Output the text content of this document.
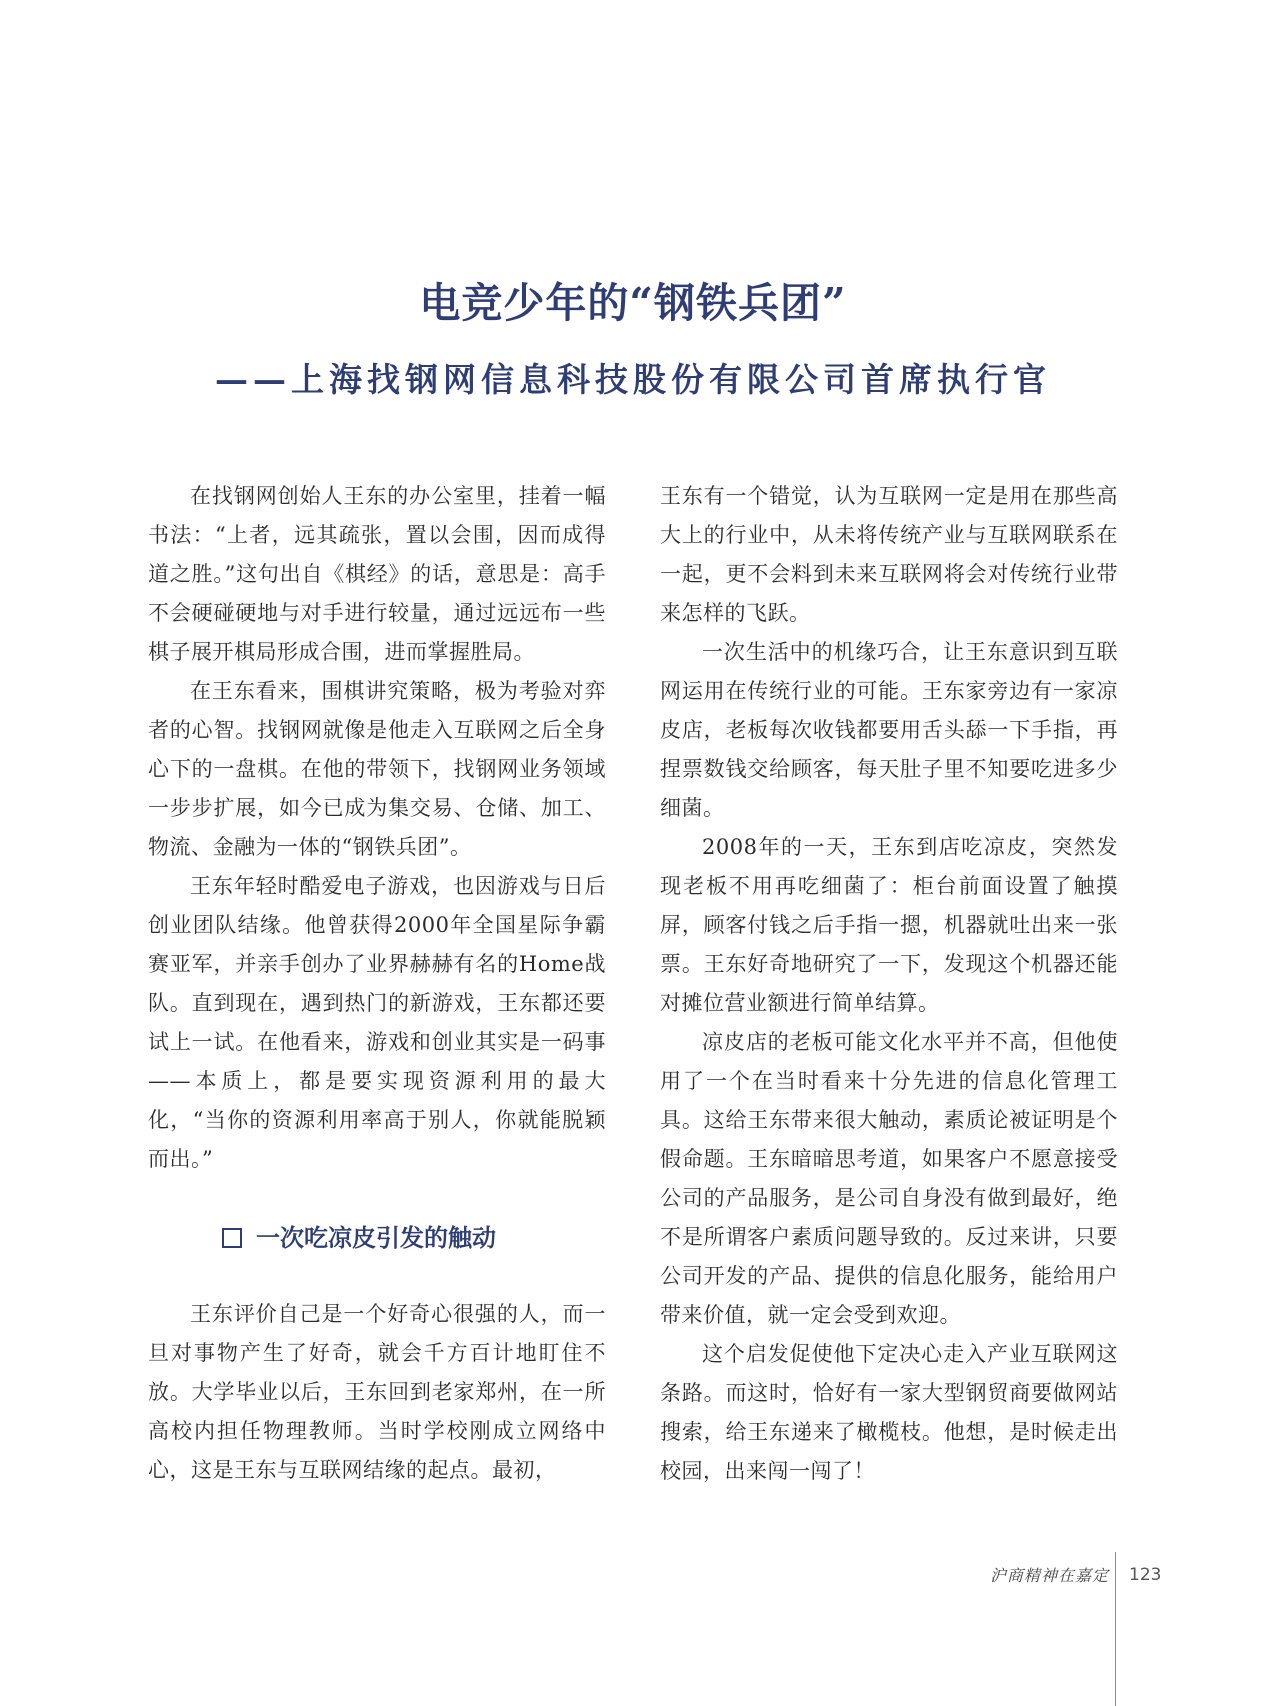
电竞少年的“钢铁兵团”
——上海找钢网信息科技股份有限公司首席执行官

在找钢网创始人王东的办公室里，挂着一幅书法：“上者，远其疏张，置以会围，因而成得道之胜。”这句出自《棋经》的话，意思是：高手不会硬碰硬地与对手进行较量，通过远远布一些棋子展开棋局形成合围，进而掌握胜局。

在王东看来，围棋讲究策略，极为考验对弈者的心智。找钢网就像是他走入互联网之后全身心下的一盘棋。在他的带领下，找钢网业务领域一步步扩展，如今已成为集交易、仓储、加工、物流、金融为一体的“钢铁兵团”。

王东年轻时酷爱电子游戏，也因游戏与日后创业团队结缘。他曾获得2000年全国星际争霸赛亚军，并亲手创办了业界赫赫有名的Home战队。直到现在，遇到热门的新游戏，王东都还要试上一试。在他看来，游戏和创业其实是一码事——本质上，都是要实现资源利用的最大化，“当你的资源利用率高于别人，你就能脱颖而出。”

一次吃凉皮引发的触动

王东评价自己是一个好奇心很强的人，而一旦对事物产生了好奇，就会千方百计地盯住不放。大学毕业以后，王东回到老家郑州，在一所高校内担任物理教师。当时学校刚成立网络中心，这是王东与互联网结缘的起点。最初，

王东有一个错觉，认为互联网一定是用在那些高大上的行业中，从未将传统产业与互联网联系在一起，更不会料到未来互联网将会对传统行业带来怎样的飞跃。

一次生活中的机缘巧合，让王东意识到互联网运用在传统行业的可能。王东家旁边有一家凉皮店，老板每次收钱都要用舌头舔一下手指，再捏票数钱交给顾客，每天肚子里不知要吃进多少细菌。

2008年的一天，王东到店吃凉皮，突然发现老板不用再吃细菌了：柜台前面设置了触摸屏，顾客付钱之后手指一摁，机器就吐出来一张票。王东好奇地研究了一下，发现这个机器还能对摊位营业额进行简单结算。

凉皮店的老板可能文化水平并不高，但他使用了一个在当时看来十分先进的信息化管理工具。这给王东带来很大触动，素质论被证明是个假命题。王东暗暗思考道，如果客户不愿意接受公司的产品服务，是公司自身没有做到最好，绝不是所谓客户素质问题导致的。反过来讲，只要公司开发的产品、提供的信息化服务，能给用户带来价值，就一定会受到欢迎。

这个启发促使他下定决心走入产业互联网这条路。而这时，恰好有一家大型钢贸商要做网站搜索，给王东递来了橄榄枝。他想，是时候走出校园，出来闯一闯了！

沪商精神在嘉定	123
